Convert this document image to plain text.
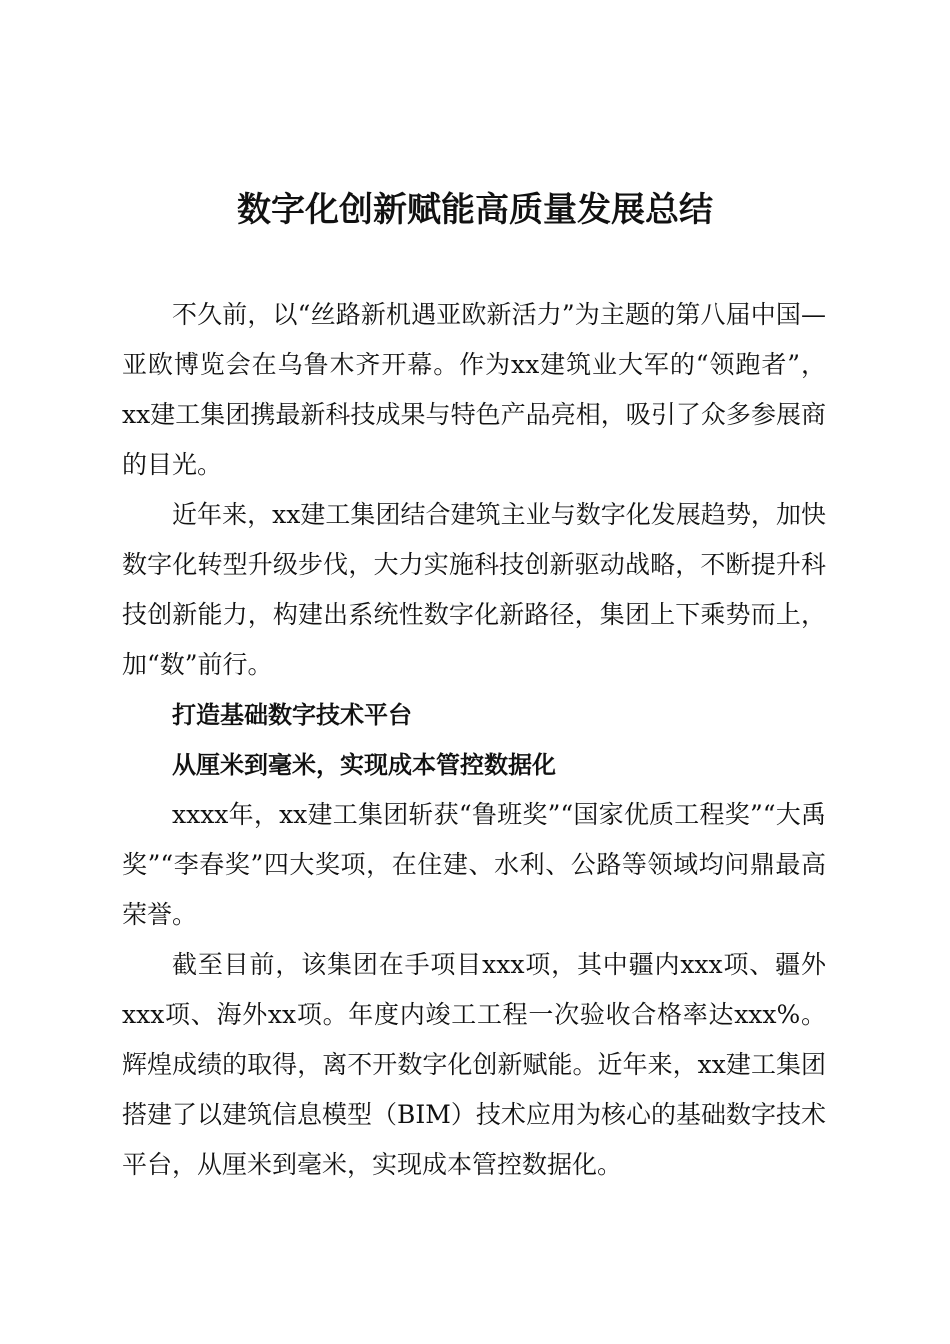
数字化创新赋能高质量发展总结

不久前，以“丝路新机遇亚欧新活力”为主题的第八届中国—亚欧博览会在乌鲁木齐开幕。作为xx建筑业大军的“领跑者”，xx建工集团携最新科技成果与特色产品亮相，吸引了众多参展商的目光。

近年来，xx建工集团结合建筑主业与数字化发展趋势，加快数字化转型升级步伐，大力实施科技创新驱动战略，不断提升科技创新能力，构建出系统性数字化新路径，集团上下乘势而上，加“数”前行。

打造基础数字技术平台

从厘米到毫米，实现成本管控数据化

xxxx年，xx建工集团斩获“鲁班奖”“国家优质工程奖”“大禹奖”“李春奖”四大奖项，在住建、水利、公路等领域均问鼎最高荣誉。

截至目前，该集团在手项目xxx项，其中疆内xxx项、疆外xxx项、海外xx项。年度内竣工工程一次验收合格率达xxx%。辉煌成绩的取得，离不开数字化创新赋能。近年来，xx建工集团搭建了以建筑信息模型（BIM）技术应用为核心的基础数字技术平台，从厘米到毫米，实现成本管控数据化。
